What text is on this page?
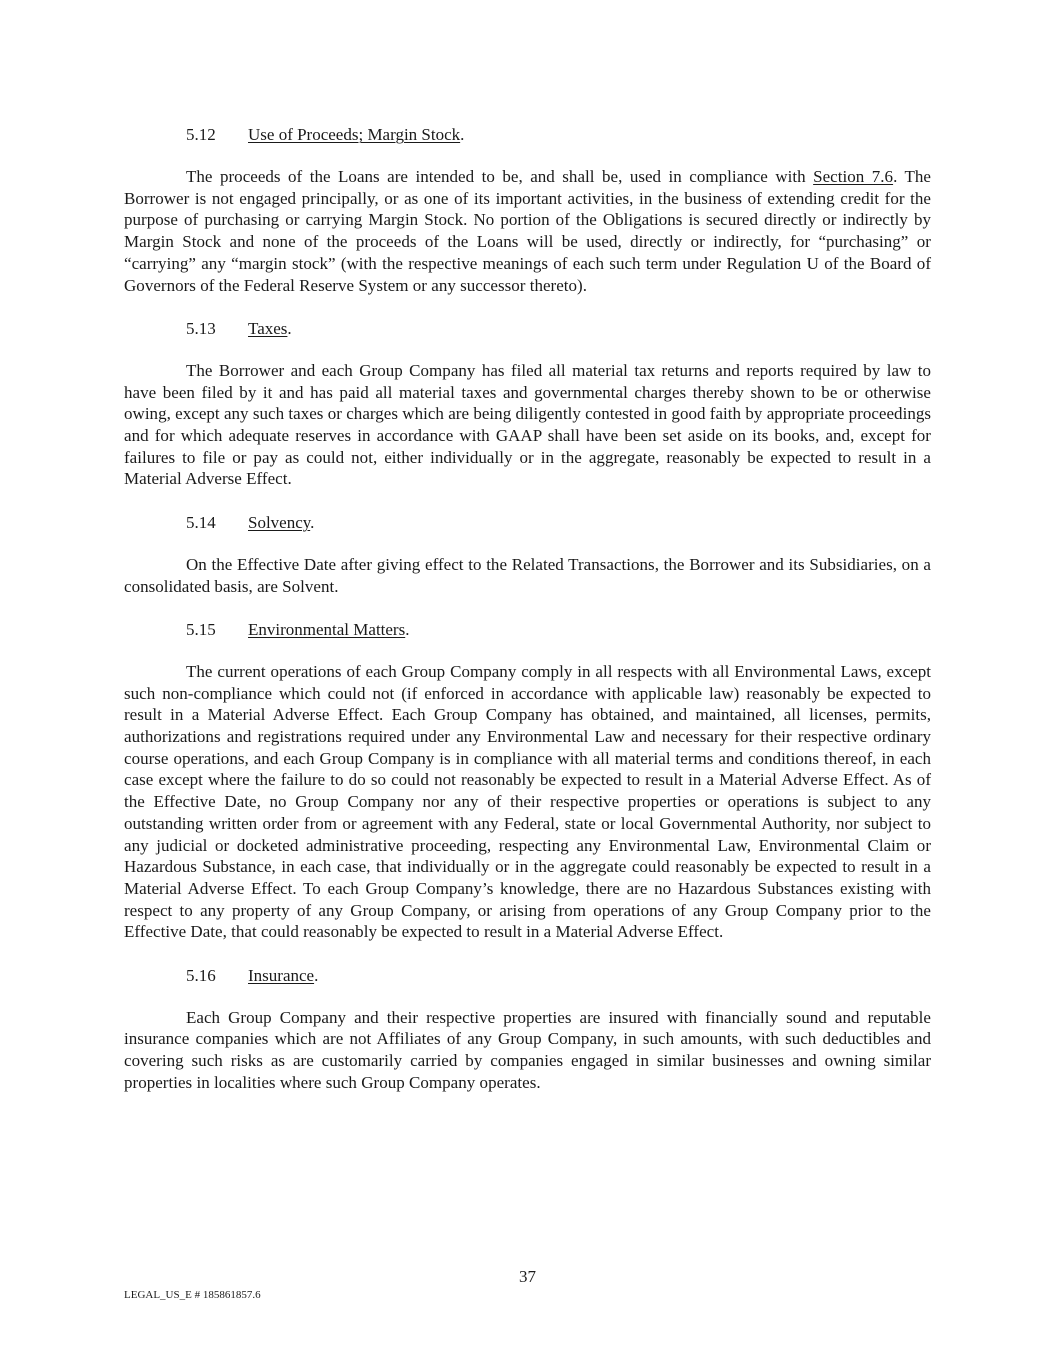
5.12 Use of Proceeds; Margin Stock.

The proceeds of the Loans are intended to be, and shall be, used in compliance with Section 7.6. The Borrower is not engaged principally, or as one of its important activities, in the business of extending credit for the purpose of purchasing or carrying Margin Stock. No portion of the Obligations is secured directly or indirectly by Margin Stock and none of the proceeds of the Loans will be used, directly or indirectly, for “purchasing” or “carrying” any “margin stock” (with the respective meanings of each such term under Regulation U of the Board of Governors of the Federal Reserve System or any successor thereto).

5.13 Taxes.

The Borrower and each Group Company has filed all material tax returns and reports required by law to have been filed by it and has paid all material taxes and governmental charges thereby shown to be or otherwise owing, except any such taxes or charges which are being diligently contested in good faith by appropriate proceedings and for which adequate reserves in accordance with GAAP shall have been set aside on its books, and, except for failures to file or pay as could not, either individually or in the aggregate, reasonably be expected to result in a Material Adverse Effect.

5.14 Solvency.

On the Effective Date after giving effect to the Related Transactions, the Borrower and its Subsidiaries, on a consolidated basis, are Solvent.

5.15 Environmental Matters.

The current operations of each Group Company comply in all respects with all Environmental Laws, except such non-compliance which could not (if enforced in accordance with applicable law) reasonably be expected to result in a Material Adverse Effect. Each Group Company has obtained, and maintained, all licenses, permits, authorizations and registrations required under any Environmental Law and necessary for their respective ordinary course operations, and each Group Company is in compliance with all material terms and conditions thereof, in each case except where the failure to do so could not reasonably be expected to result in a Material Adverse Effect. As of the Effective Date, no Group Company nor any of their respective properties or operations is subject to any outstanding written order from or agreement with any Federal, state or local Governmental Authority, nor subject to any judicial or docketed administrative proceeding, respecting any Environmental Law, Environmental Claim or Hazardous Substance, in each case, that individually or in the aggregate could reasonably be expected to result in a Material Adverse Effect. To each Group Company’s knowledge, there are no Hazardous Substances existing with respect to any property of any Group Company, or arising from operations of any Group Company prior to the Effective Date, that could reasonably be expected to result in a Material Adverse Effect.

5.16 Insurance.

Each Group Company and their respective properties are insured with financially sound and reputable insurance companies which are not Affiliates of any Group Company, in such amounts, with such deductibles and covering such risks as are customarily carried by companies engaged in similar businesses and owning similar properties in localities where such Group Company operates.

37
LEGAL_US_E # 185861857.6
